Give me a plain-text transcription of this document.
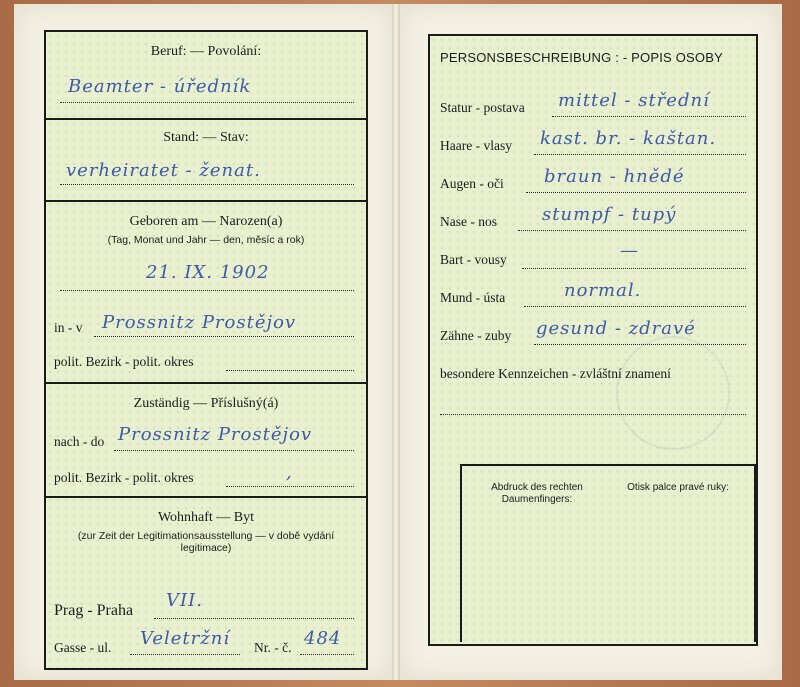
Beruf: — Povolání:
Beamter - úředník
Stand: — Stav:
verheiratet - ženat.
Geboren am — Narozen(a)
(Tag, Monat und Jahr — den, měsíc a rok)
21. IX. 1902
in - v Prossnitz Prostějov
polit. Bezirk - polit. okres
Zuständig — Příslušný(á)
nach - do Prossnitz Prostějov
polit. Bezirk - polit. okres	,
Wohnhaft — Byt
(zur Zeit der Legitimationsausstellung — v době vydání legitimace)
Prag - Praha VII.
Gasse - ul. Veletržní Nr. - č. 484
PERSONSBESCHREIBUNG : - POPIS OSOBY
Statur - postava mittel - střední
Haare - vlasy kast. br. - kaštan.
Augen - oči braun - hnědé
Nase - nos	stumpf - tupý
Bart - vousy	—
Mund - ústa	normal.
Zähne - zuby gesund - zdravé
besondere Kennzeichen - zvláštní znamení
Abdruck des rechten Daumenfingers:
Otisk palce pravé ruky:
